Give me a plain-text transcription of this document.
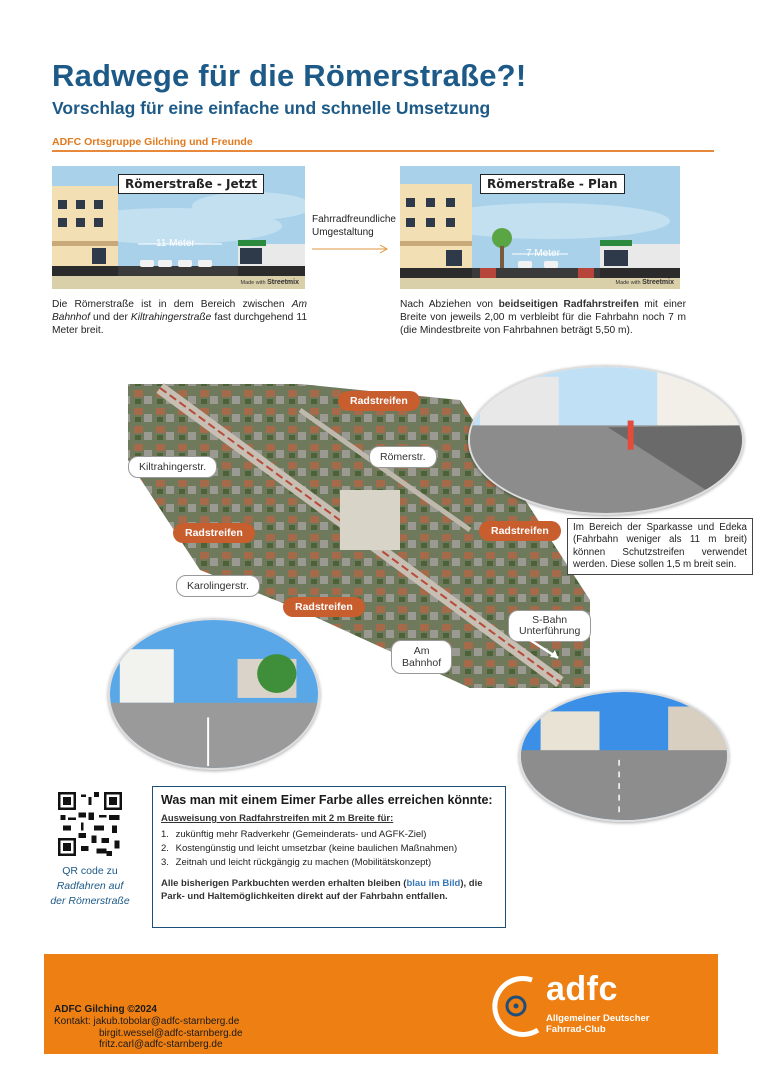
Radwege für die Römerstraße?!
Vorschlag für eine einfache und schnelle Umsetzung
ADFC Ortsgruppe Gilching und Freunde
Römerstraße - Jetzt
11 Meter
Made with Streetmix
Fahrradfreundliche
Umgestaltung
Römerstraße - Plan
7 Meter
Made with Streetmix
Die Römerstraße ist in dem Bereich zwischen Am Bahnhof und der Kiltrahingerstraße fast durchgehend 11 Meter breit.
Nach Abziehen von beidseitigen Radfahrstreifen mit einer Breite von jeweils 2,00 m verbleibt für die Fahrbahn noch 7 m (die Mindestbreite von Fahrbahnen beträgt 5,50 m).
Radstreifen
Kiltrahingerstr.
Römerstr.
Radstreifen	Radstreifen
Karolingerstr.
Radstreifen
S-Bahn
Unterführung
Am
Bahnhof
Im Bereich der Sparkasse und Edeka (Fahrbahn weniger als 11 m breit) können Schutzstreifen verwendet werden. Diese sollen 1,5 m breit sein.
QR code zu
Radfahren auf
der Römerstraße
Was man mit einem Eimer Farbe alles erreichen könnte:
Ausweisung von Radfahrstreifen mit 2 m Breite für:
1. zukünftig mehr Radverkehr (Gemeinderats- und AGFK-Ziel)
2. Kostengünstig und leicht umsetzbar (keine baulichen Maßnahmen)
3. Zeitnah und leicht rückgängig zu machen (Mobilitätskonzept)
Alle bisherigen Parkbuchten werden erhalten bleiben (blau im Bild), die Park- und Haltemöglichkeiten direkt auf der Fahrbahn entfallen.
ADFC Gilching ©2024
Kontakt: jakub.tobolar@adfc-starnberg.de
birgit.wessel@adfc-starnberg.de
fritz.carl@adfc-starnberg.de
adfc
Allgemeiner Deutscher
Fahrrad-Club
